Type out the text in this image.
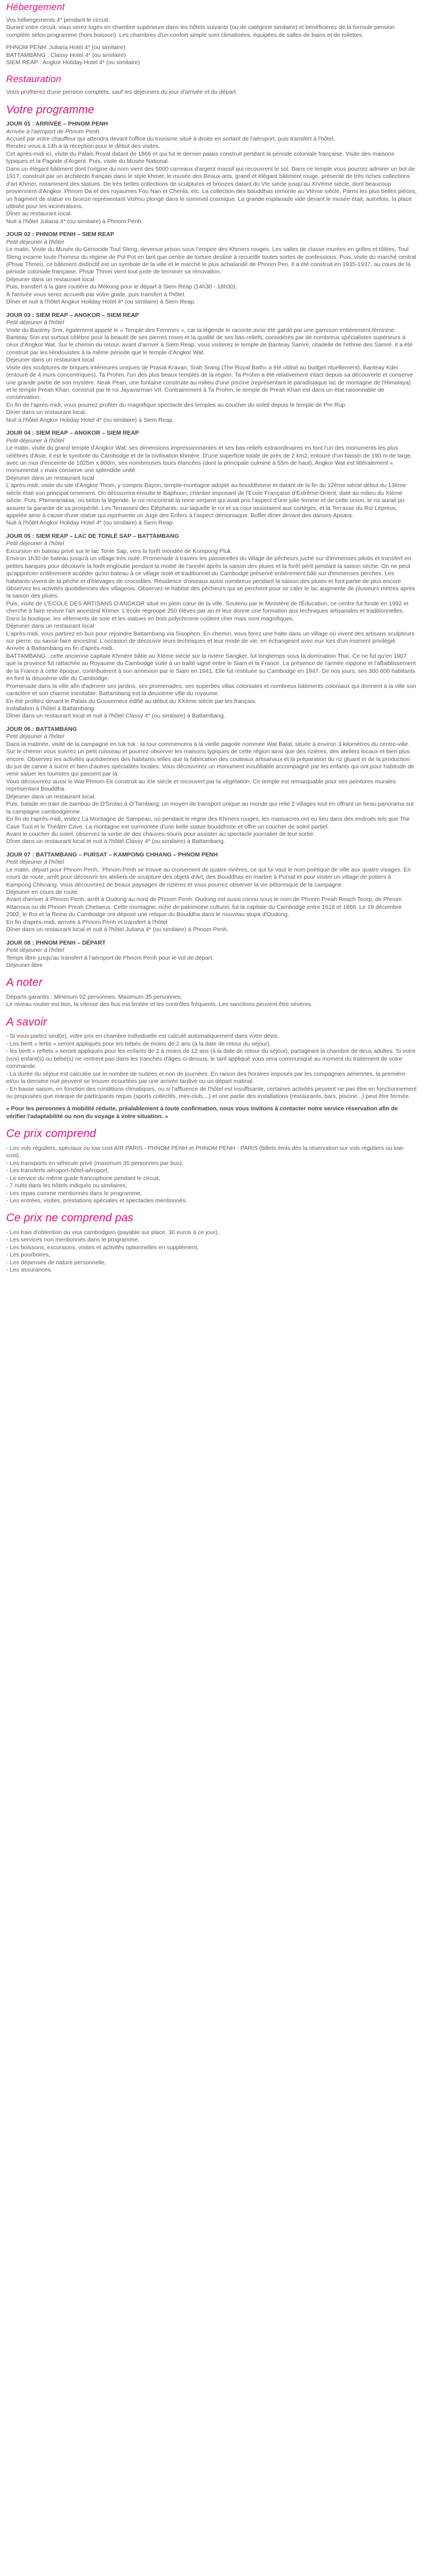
Hébergement

Vos hébergements 4* pendant le circuit.

Durant votre circuit, vous serez logés en chambre supérieure dans les hôtels suivants (ou de catégorie similaire) et bénéficierez de la formule pension complète selon programme (hors boisson). Les chambres d'un confort simple sont climatisées, équipées de salles de bains et de toilettes.

PHNOM PENH: Juliana Hotel 4* (ou similaire)

BATTAMBANG : Classy Hotel 4* (ou similaire)

SIEM REAP : Angkor Holiday Hotel 4* (ou similaire)

Restauration

Vous profiterez d'une pension complète, sauf les déjeuners du jour d'arrivée et du départ.

Votre programme

JOUR 01 : ARRIVÉE – PHNOM PENH

Arrivée à l'aéroport de Phnom Penh.

Accueil par votre chauffeur qui attendra devant l'office du tourisme situé à droite en sortant de l'aéroport, puis transfert à l'hôtel.

Rendez-vous à 14h à la réception pour le début des visites.

Cet après-midi ici, visite du Palais Royal datant de 1866 et qui fut le dernier palais construit pendant la période coloniale française. Visite des maisons typiques et la Pagode d'Argent. Puis, visite du Musée National.

Dans un élégant bâtiment dont l'origine du nom vient des 5000 carreaux d'argent massif qui recouvrent le sol. Dans ce temple vous pourrez admirer un bol de 1917, construit par un architecte français dans le style khmer, le musée des Beaux-arts, grand et élégant bâtiment rouge, présente de très riches collections d'art Khmer, notamment des statues. De très belles collections de sculptures et bronzes datant du VIe siècle jusqu'au XIVème siècle, dont beaucoup proviennent d'Angkor. Phnom Da et des royaumes Fou Nan et Chenla, etc. La collection des bouddhas remonte au VIème siècle. Parmi les plus belles pièces, un fragment de statue en bronze représentant Vishnu plongé dans le sommeil cosmique. La grande esplanade vide devant le musée était, autrefois, la place utilisée pour les incinérations.

Dîner au restaurant local.

Nuit à l'hôtel Juliana 4* (ou similaire) à Phnom Penh.

JOUR 02 : PHNOM PENH – SIEM REAP

Petit déjeuner à l'hôtel

Le matin, Visite du Musée du Génocide Toul Sleng, devenue prison sous l'empire des Khmers rouges. Les salles de classe murées en grilles et tôlées, Toul Sleng incarne toute l'horreur du régime de Pol Pot en tant que centre de torture destiné à recueillir toutes sortes de confessions. Puis, visite du marché central (Phsar Thmei), ce bâtiment distinctif est un symbole de la ville et le marché le plus achalandé de Phnom Pen. Il a été construit en 1935-1937, au cours de la période coloniale française. Phsar Thmei vient tout juste de terminer sa rénovation.

Déjeuner dans un restaurant local

Puis, transfert à la gare routière du Mékong pour le départ à Siem Reap (14h30 - 18h30).

À l'arrivée vous serez accueilli par votre guide, puis transfert à l'hôtel.

Dîner et nuit à l'hôtel Angkor Holiday Hotel 4* (ou similaire) à Siem Reap.

JOUR 03 : SIEM REAP – ANGKOR – SIEM REAP

Petit déjeuner à l'hôtel

Visite du Bantrey Srei, également appelé le « Temple des Femmes », car la légende le raconte avoir été gardé par une garnison entièrement féminine. Banteay Srei est surtout célèbre pour la beauté de ses pierres roses et la qualité de ses bas-reliefs, considérés par de nombreux spécialistes supérieurs à ceux d'Angkor Wat. Sur le chemin du retour, avant d'arriver à Siem Reap, vous visiterez le temple de Banteay Samré, citadelle de l'ethnie des Samré. Il a été construit par les Hindouistes à la même période que le temple d'Angkor Wat.

Déjeuner dans un restaurant local

Visite des sculptures de briques intérieures uniques de Prasat Kravan, Srah Srang (The Royal Bath» a été utilisé au budget rituellement). Banteay Kdei (entouré de 4 murs concentriques). Ta Prohm. l'un des plus beaux temples de la région. Ta Prohm a été relativement intact depuis sa découverte et conserve une grande partie de son mystère. Neak Pean, une fontaine construite au milieu d'une piscine (représentant le paradisiaque lac de montagne de l'Himalaya) et le temple Preah Khan, construit par le roi Jayavarman VII. Contrairement à Ta Prohm, le temple de Preah Khan est dans un état raisonnable de conservation.

En fin de l'après-midi, vous pourrez profiter du magnifique spectacle des temples au coucher du soleil depuis le temple de Pre Rup.

Dîner dans un restaurant local.

Nuit à l'hôtel Angkor Holiday Hotel 4* (ou similaire) à Siem Reap.

JOUR 04 : SIEM REAP – ANGKOR – SIEM REAP

Petit déjeuner à l'hôtel

Le matin, visite du grand temple d'Angkor Wat: ses dimensions impressionnantes et ses bas-reliefs extraordinaires en font l'un des monuments les plus célèbres d'Asie, il est le symbole du Cambodge et de la civilisation khmère. D'une superficie totale de près de 2 km2, entouré d'un bassin de 190 m de large, avec un mur d'enceinte de 1025m x 800m, ses nombreuses tours élancées (dont la principale culmine à 55m de haut), Angkor Wat est littéralement « monumental » mais conserve une splendide unité.

Déjeuner dans un restaurant local

L'après-midi, visite du site d'Angkor Thom, y compris Bayon, temple-montagne adopté au bouddhisme et datant de la fin du 12ème siècle début du 13ème siècle était son principal ornement. On découvrira ensuite le Baphuon, chantier imposant de l'Ecole Française d'Extrême-Orient, daté au milieu du XIème siècle. Puis, Phimeanakas, où selon la légende, le roi rencontrait la reine serpent qui avait pris l'aspect d'une jolie femme et de cette union, le roi aurait pu assurer la garantie de sa prospérité. Les Terrasses des Éléphants, sur laquelle le roi et sa cour assistaient aux cortèges, et la Terrasse du Roi Lépreux, appelée ainsi à cause d'une statue qui représente un Juge des Enfers à l'aspect démoniaque. Buffet dîner devant des danses Apsara.

Nuit à l'hôtel Angkor Holiday Hotel 4* (ou similaire) à Siem Reap.

JOUR 05 : SIEM REAP – LAC DE TONLÉ SAP – BATTAMBANG

Petit déjeuner à l'hôtel

Excursion en bateau privé sur le lac Tonle Sap, vers la forêt inondée de Kompong Pluk.

Environ 1h30 de bateau jusqu'à un village très isolé. Promenade à travers les passerelles du village de pêcheurs juché sur d'immenses pilotis et transfert en petites barques pour découvrir la forêt engloutie pendant la moitié de l'année après la saison des pluies et la forêt périt pendant la saison sèche. On ne peut qu'apprécier entièrement accéder qu'en bateau à ce village isolé et traditionnel du Cambodge préservé entièrement bâti sur d'immenses perches. Les habitants vivent de la pêche et d'élevages de crocodiles. Résidence d'oiseaux aussi nombreux pendant la saison des pluies et font partie de plus encore. Observez les activités quotidiennes des villageois. Observez-le habitat des pêcheurs qui se perchent pour se caler le lac augmente de plusieurs mètres après la saison des pluies.

Puis, visite de L'ECOLE DES ARTISANS D'ANGKOR situé en plein cœur de la ville. Soutenu par le Ministère de l'Éducation, ce centre fut fondé en 1992 et cherche à faire revivre l'art ancestral Khmer. L'école regroupé 250 élèves par an et leur donne une formation aux techniques artisanales et traditionnelles. Dans la boutique, les vêtements de soie et les statues en bois polychrome coûtent cher mais sont magnifiques.

Déjeuner dans un restaurant local

L'après-midi, vous partirez en bus pour rejoindre Battambang via Sisophon. En chemin, vous ferez une halte dans un village où vivent des artisans sculpteurs sur pierre, ou savoir-faire ancestral. L'occasion de découvrir leurs techniques et leur mode de vie, en échangeant avec eux lors d'un moment privilégié.

Arrivée à Battambang en fin d'après-midi.

BATTAMBANG : cette ancienne capitale Khmère bâtie au XIème siècle sur la rivière Sangker, fut longtemps sous la domination Thaï. Ce ne fut qu'en 1907 que la province fut rattachée au Royaume du Cambodge suite à un traité signé entre le Siam et la France. La présence de l'armée nippone et l'affaiblissement de la France à cette époque, contribuèrent à son annexion par le Siam en 1941. Elle fut restituée au Cambodge en 1947. De nos jours, ses 300 000 habitants en font la deuxième ville du Cambodge.

Promenade dans la ville afin d'admirer ses jardins, ses promenades, ses superbes villas coloniales et nombreux bâtiments coloniaux qui donnent à la ville son caractère et son charme inimitable. Battambang est la deuxième ville du royaume.

En été profitez devant le Palais du Gouverneur édifié au début du XXème siècle par les français.

Installation à l'hôtel à Battambang.

Dîner dans un restaurant local et nuit à l'hôtel Classy 4* (ou similaire) à Battambang.

JOUR 06 : BATTAMBANG

Petit déjeuner à l'hôtel

Dans la matinée, visite de la campagne en tuk tuk : la tour commencera à la vieille pagode nommée Wat Balat, située à environ 3 kilomètres du centre-ville. Sur le chemin vous suivrez un petit ruisseau et pourrez observer les maisons typiques de cette région ainsi que des rizières, des ateliers locaux et bien plus encore. Observez les activités quotidiennes des habitants telles que la fabrication des couteaux artisanaux et la préparation du riz gluant et de la production du jus de canne à sucre et bien d'autres spécialités locales. Vous découvrirez un monument inoubliable accompagné par les enfants qui ont pour habitude de venir saluer les touristes qui passent par là.

Vous découvrirez aussi le Wat Phnom Ek construit au XIe siècle et recouvert par la végétation. Ce temple est remarquable pour ses peintures murales représentant Bouddha.

Déjeuner dans un restaurant local.

Puis, balade en train de bambou de D'Srolao à O'Tambang: un moyen de transport unique au monde qui relie 2 villages tout en offrant un beau panorama sur la campagne cambodgienne.

En fin de l'après-midi, visitez La Montagne de Sampeau, où pendant le règne des Khmers rouges, les massacres ont eu lieu dans des endroits tels que The Cave Tuol et le Théâtre Cave. La montagne est surmontée d'une belle statue bouddhiste et offre un coucher de soleil partiel.

Avant le coucher du soleil, observez la sortie de des chauves-souris pour assister au spectacle journalier de leur sortie.

Dîner dans un restaurant local et nuit à l'hôtel Classy 4* (ou similaire) à Battambang.

JOUR 07 : BATTAMBANG – PURSAT – KAMPONG CHHANG – PHNOM PENH

Petit déjeuner à l'hôtel

Le matin, départ pour Phnom Penh,. Phnom Penh se trouve au croisement de quatre rivières, ce qui lui vaut le nom poétique de ville aux quatre visages. En cours de route, arrêt pour découvrir les ateliers de sculpture des objets d'Art, des Bouddhas en marbre à Pursat et pour visiter un village de potiers à Kampong Chhnang. Vous découvrirez de beaux paysages de rizières et vous pourrez observer la vie pittoresque de la campagne.

Déjeuner en cours de route.

Avant d'arriver à Phnom Penh, arrêt à Oudong au nord de Phnom Penh. Oudong est aussi connu sous le nom de Phnom Preah Reach Teorp, de Phnom Attarrous ou de Phnom Preah Chetaeus. Cette montagne, riche de patrimoine culturel, fut la capitale du Cambodge entre 1618 et 1866. Le 19 décembre 2002, le Roi et la Reine du Cambodge ont déposé une relique du Bouddha dans le nouveau stupa d'Oudong.

En fin d'après-midi, arrivée à Phnom Penh et transfert à l'hôtel

Dîner dans un restaurant local et nuit à l'hôtel Juliana 4* (ou similaire) à Phnom Penh.

JOUR 08 : PHNOM PENH – DÉPART

Petit déjeuner à l'hôtel

Temps libre jusqu'au transfert à l'aéroport de Phnom Penh pour le vol de départ.

Déjeuner libre

A noter

Départs garantis : Minimum 02 personnes. Maximum 35 personnes.

Le niveau routier est bon, la vitesse des bus est limitée et les contrôles fréquents. Les sanctions peuvent être sévères.

A savoir

- Si vous partez seul(e), votre prix en chambre individuelle est calculé automatiquement dans votre devis.

- Les bertt « lertis » seront appliqués pour les bébés de moins de 2 ans (à la date de retour du séjour).

- les bertt « reftets » seront appliqués pour les enfants de 2 à moins de 12 ans (à la date de retour du séjour), partageant la chambre de deux adultes. Si votre (vos) enfant(s) ou bébé(s) ne rentrent pas dans les tranches d'âges ci-dessus, le tarif appliqué vous sera communiqué au moment du traitement de votre commande.

- La durée du séjour est calculée sur le nombre de nuitées et non de journées. En raison des horaires imposés par les compagnies aériennes, la première et/ou la dernière nuit peuvent se trouver écourtées par une arrivée tardive ou un départ matinal.

- En basse saison, en fonction des conditions climatiques, ou si l'affluence de l'hôtel est insuffisante, certaines activités peuvent ne pas être en fonctionnement ou proposées que marque de participants requis (sports collectifs, mini-club,...) et une partie des installations (restaurants, bars, piscine...) peut être fermée.

« Pour les personnes à mobilité réduite, préalablement à toute confirmation, nous vous invitons à contacter notre service réservation afin de vérifier l'adaptabilité ou non du voyage à votre situation. »

Ce prix comprend

- Les vols réguliers, spéciaux ou low cost A/R PARIS - PHNOM PENH et PHNOM PENH - PARIS (billets émis dès la réservation sur vols réguliers ou low-cost).

- Les transports en véhicule privé (maximum 35 personnes par bus),

- Les transferts aéroport-hôtel-aéroport,

- Le service du même guide francophone pendant le circuit,

- 7 nuits dans les hôtels indiqués ou similaires,

- Les repas comme mentionnés dans le programme,

- Les entrées, visites, prestations spéciales et spectacles mentionnés.

Ce prix ne comprend pas

- Les frais d'obtention du visa cambodgien (payable sur place, 30 euros à ce jour),

- Les services non mentionnés dans le programme,

- Les boissons, excursions, visites et activités optionnelles en supplément,

- Les pourboires,

- Les dépenses de nature personnelle,

- Les assurances.
